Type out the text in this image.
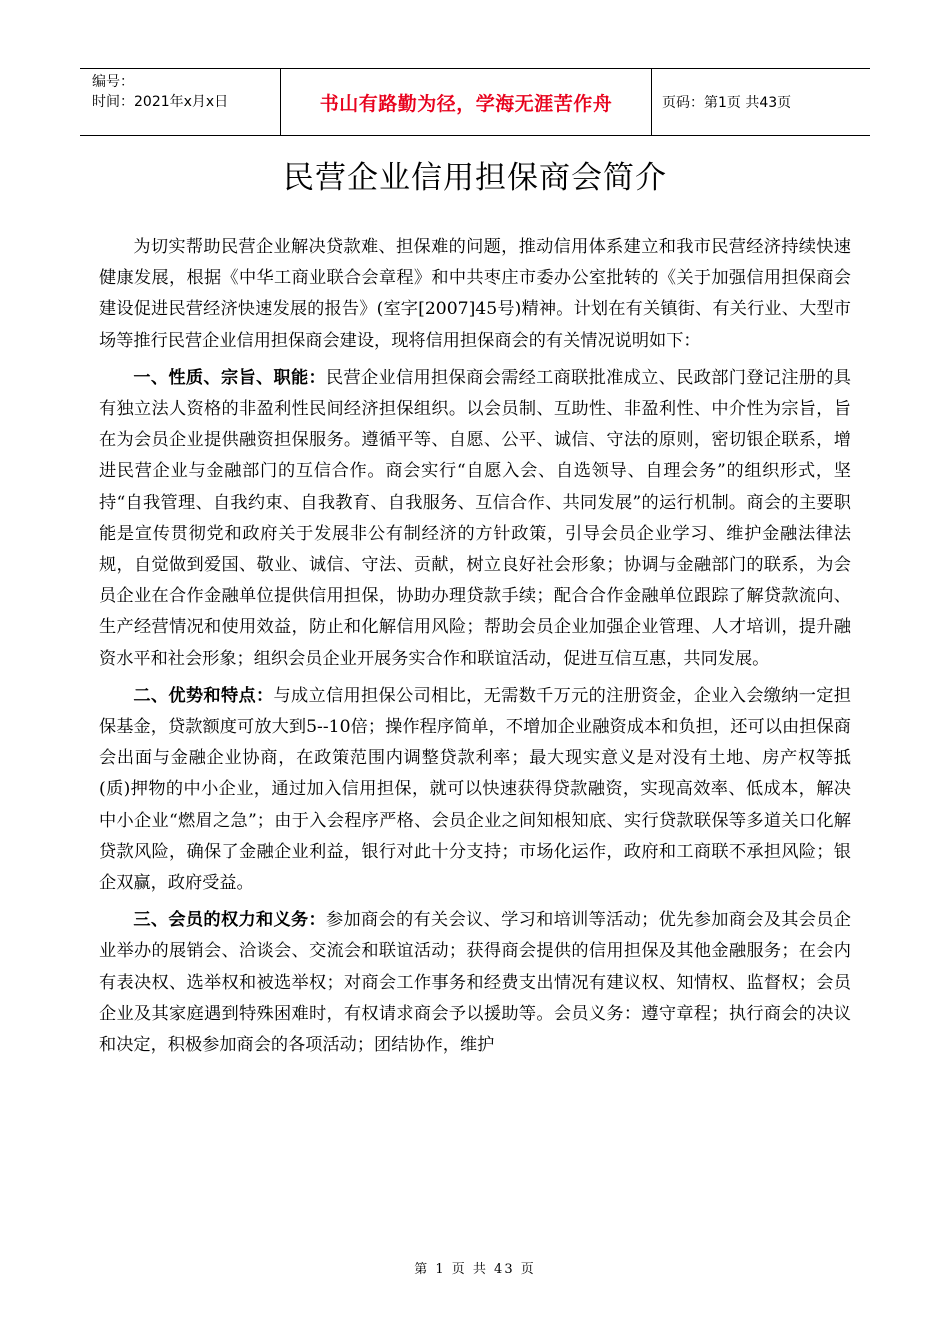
编号：
时间：2021年x月x日	书山有路勤为径，学海无涯苦作舟	页码：第1页 共43页
民营企业信用担保商会简介

为切实帮助民营企业解决贷款难、担保难的问题，推动信用体系建立和我市民营经济持续快速健康发展，根据《中华工商业联合会章程》和中共枣庄市委办公室批转的《关于加强信用担保商会建设促进民营经济快速发展的报告》(室字[2007]45号)精神。计划在有关镇街、有关行业、大型市场等推行民营企业信用担保商会建设，现将信用担保商会的有关情况说明如下：

一、性质、宗旨、职能：民营企业信用担保商会需经工商联批准成立、民政部门登记注册的具有独立法人资格的非盈利性民间经济担保组织。以会员制、互助性、非盈利性、中介性为宗旨，旨在为会员企业提供融资担保服务。遵循平等、自愿、公平、诚信、守法的原则，密切银企联系，增进民营企业与金融部门的互信合作。商会实行“自愿入会、自选领导、自理会务”的组织形式，坚持“自我管理、自我约束、自我教育、自我服务、互信合作、共同发展”的运行机制。商会的主要职能是宣传贯彻党和政府关于发展非公有制经济的方针政策，引导会员企业学习、维护金融法律法规，自觉做到爱国、敬业、诚信、守法、贡献，树立良好社会形象；协调与金融部门的联系，为会员企业在合作金融单位提供信用担保，协助办理贷款手续；配合合作金融单位跟踪了解贷款流向、生产经营情况和使用效益，防止和化解信用风险；帮助会员企业加强企业管理、人才培训，提升融资水平和社会形象；组织会员企业开展务实合作和联谊活动，促进互信互惠，共同发展。

二、优势和特点：与成立信用担保公司相比，无需数千万元的注册资金，企业入会缴纳一定担保基金，贷款额度可放大到5--10倍；操作程序简单，不增加企业融资成本和负担，还可以由担保商会出面与金融企业协商，在政策范围内调整贷款利率；最大现实意义是对没有土地、房产权等抵(质)押物的中小企业，通过加入信用担保，就可以快速获得贷款融资，实现高效率、低成本，解决中小企业“燃眉之急”；由于入会程序严格、会员企业之间知根知底、实行贷款联保等多道关口化解贷款风险，确保了金融企业利益，银行对此十分支持；市场化运作，政府和工商联不承担风险；银企双赢，政府受益。

三、会员的权力和义务：参加商会的有关会议、学习和培训等活动；优先参加商会及其会员企业举办的展销会、洽谈会、交流会和联谊活动；获得商会提供的信用担保及其他金融服务；在会内有表决权、选举权和被选举权；对商会工作事务和经费支出情况有建议权、知情权、监督权；会员企业及其家庭遇到特殊困难时，有权请求商会予以援助等。会员义务：遵守章程；执行商会的决议和决定，积极参加商会的各项活动；团结协作，维护

第 1 页 共 43 页
